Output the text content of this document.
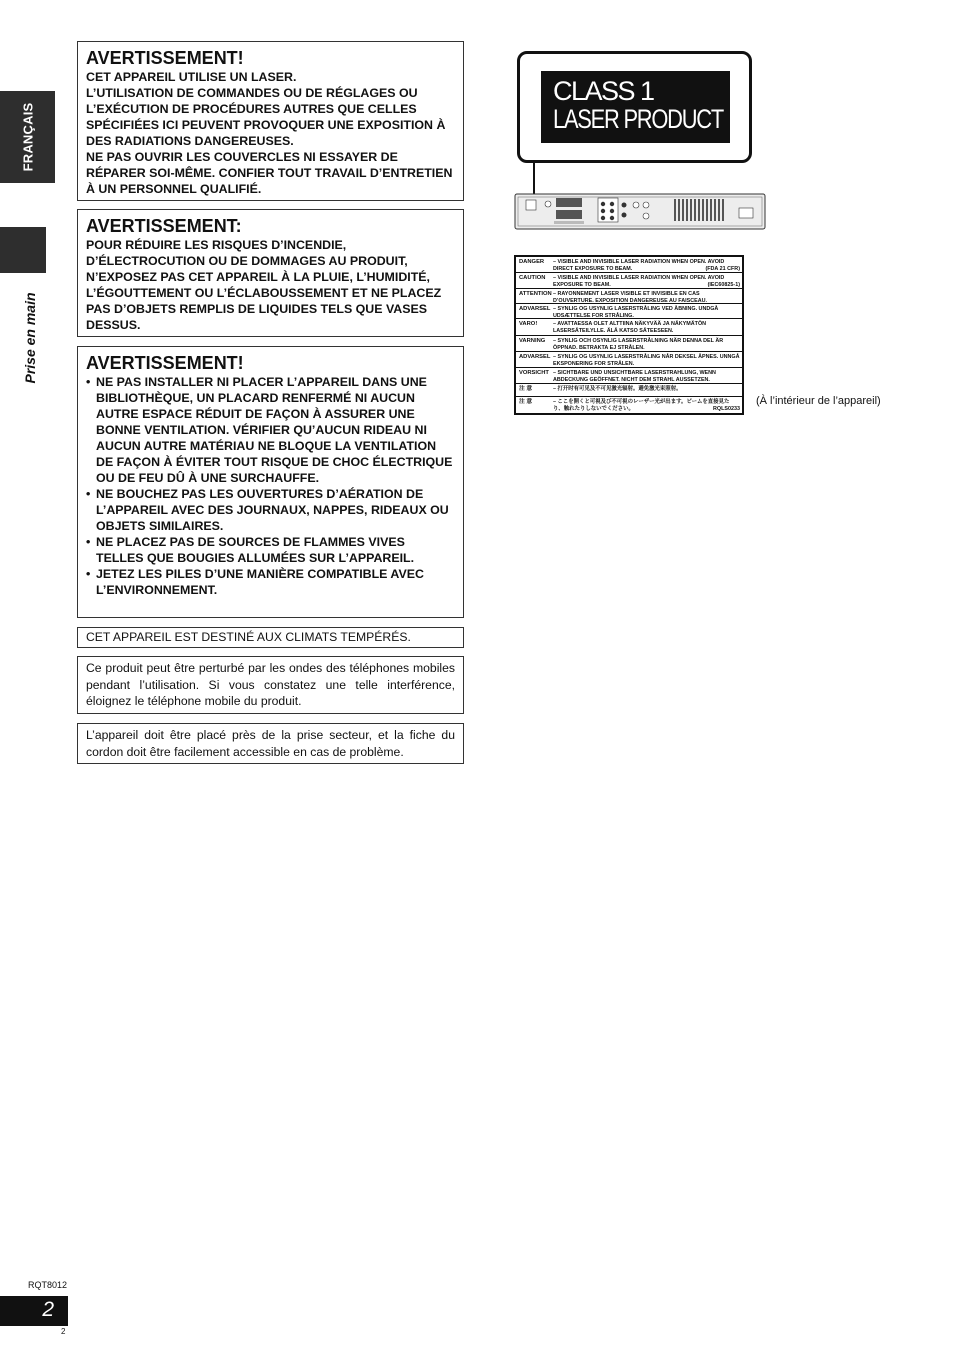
FRANÇAIS
Prise en main
AVERTISSEMENT!

CET APPAREIL UTILISE UN LASER.

L’UTILISATION DE COMMANDES OU DE RÉGLAGES OU L’EXÉCUTION DE PROCÉDURES AUTRES QUE CELLES SPÉCIFIÉES ICI PEUVENT PROVOQUER UNE EXPOSITION À DES RADIATIONS DANGEREUSES.

NE PAS OUVRIR LES COUVERCLES NI ESSAYER DE RÉPARER SOI-MÊME. CONFIER TOUT TRAVAIL D’ENTRETIEN À UN PERSONNEL QUALIFIÉ.

AVERTISSEMENT:

POUR RÉDUIRE LES RISQUES D’INCENDIE, D’ÉLECTROCUTION OU DE DOMMAGES AU PRODUIT, N’EXPOSEZ PAS CET APPAREIL À LA PLUIE, L’HUMIDITÉ, L’ÉGOUTTEMENT OU L’ÉCLABOUSSEMENT ET NE PLACEZ PAS D’OBJETS REMPLIS DE LIQUIDES TELS QUE VASES DESSUS.

AVERTISSEMENT!
• NE PAS INSTALLER NI PLACER L’APPAREIL DANS UNE BIBLIOTHÈQUE, UN PLACARD RENFERMÉ NI AUCUN AUTRE ESPACE RÉDUIT DE FAÇON À ASSURER UNE BONNE VENTILATION. VÉRIFIER QU’AUCUN RIDEAU NI AUCUN AUTRE MATÉRIAU NE BLOQUE LA VENTILATION DE FAÇON À ÉVITER TOUT RISQUE DE CHOC ÉLECTRIQUE OU DE FEU DÛ À UNE SURCHAUFFE.
• NE BOUCHEZ PAS LES OUVERTURES D’AÉRATION DE L’APPAREIL AVEC DES JOURNAUX, NAPPES, RIDEAUX OU OBJETS SIMILAIRES.
• NE PLACEZ PAS DE SOURCES DE FLAMMES VIVES TELLES QUE BOUGIES ALLUMÉES SUR L’APPAREIL.
• JETEZ LES PILES D’UNE MANIÈRE COMPATIBLE AVEC L’ENVIRONNEMENT.
CET APPAREIL EST DESTINÉ AUX CLIMATS TEMPÉRÉS.
Ce produit peut être perturbé par les ondes des téléphones mobiles pendant l’utilisation. Si vous constatez une telle interférence, éloignez le téléphone mobile du produit.
L’appareil doit être placé près de la prise secteur, et la fiche du cordon doit être facilement accessible en cas de problème.
CLASS 1
LASER PRODUCT
DANGER	– VISIBLE AND INVISIBLE LASER RADIATION WHEN OPEN. AVOID DIRECT EXPOSURE TO BEAM.	(FDA 21 CFR)
CAUTION	– VISIBLE AND INVISIBLE LASER RADIATION WHEN OPEN. AVOID EXPOSURE TO BEAM.	(IEC60825-1)
ATTENTION – RAYONNEMENT LASER VISIBLE ET INVISIBLE EN CAS D’OUVERTURE. EXPOSITION DANGEREUSE AU FAISCEAU.
ADVARSEL – SYNLIG OG USYNLIG LASERSTRÅLING VED ÅBNING. UNDGÅ UDSÆTTELSE FOR STRÅLING.
VARO!	– AVATTAESSA OLET ALTTIINA NÄKYVÄÄ JA NÄKYMÄTÖN LASERSÄTEILYLLE. ÄLÄ KATSO SÄTEESEEN.
VARNING	– SYNLIG OCH OSYNLIG LASERSTRÅLNING NÄR DENNA DEL ÄR ÖPPNAD. BETRAKTA EJ STRÅLEN.
ADVARSEL – SYNLIG OG USYNLIG LASERSTRÅLING NÅR DEKSEL ÅPNES. UNNGÅ EKSPONERING FOR STRÅLEN.
VORSICHT – SICHTBARE UND UNSICHTBARE LASERSTRAHLUNG, WENN ABDECKUNG GEÖFFNET. NICHT DEM STRAHL AUSSETZEN.
注 意	– 打开时有可见及不可见激光辐射。避免激光束照射。
注 意	– ここを開くと可視及び不可視のレーザー光が出ます。ビームを直接見たり、触れたりしないでください。	RQLS0233
(À l’intérieur de l’appareil)
RQT8012
2
2
